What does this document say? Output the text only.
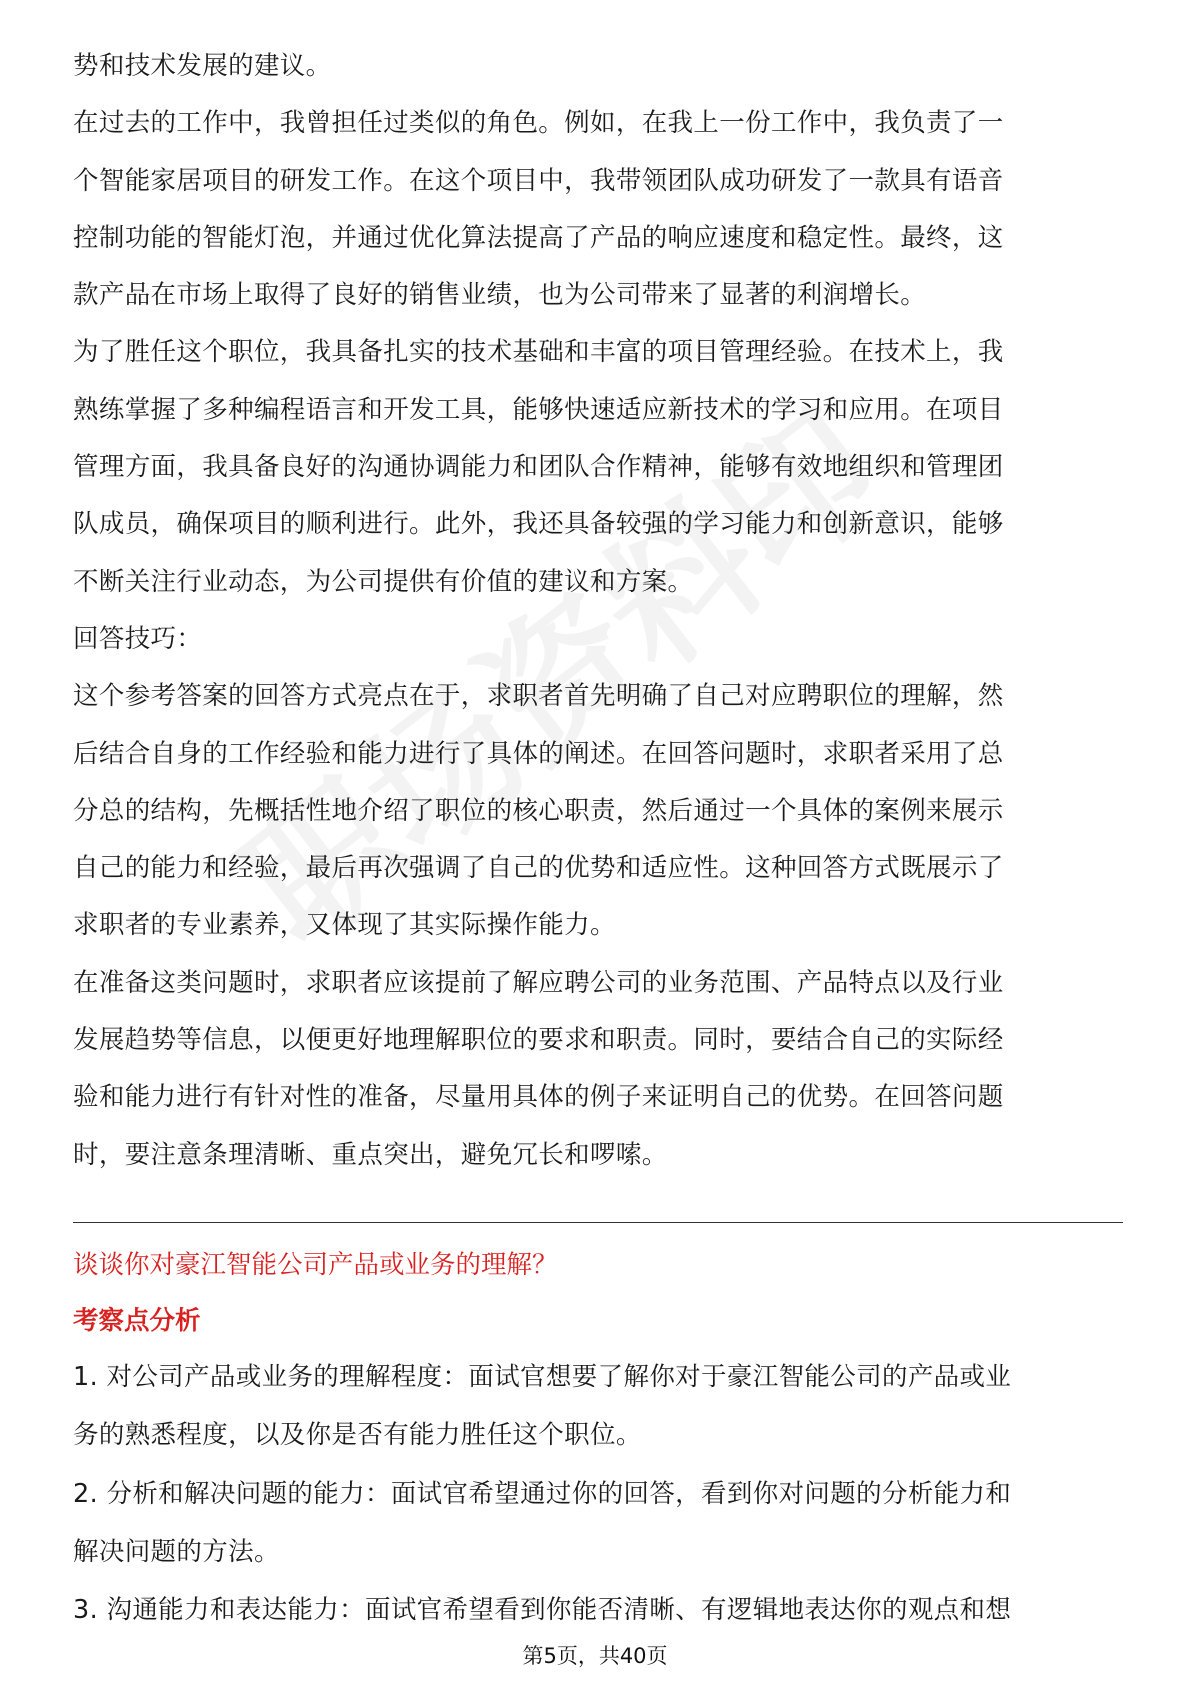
势和技术发展的建议。

在过去的工作中，我曾担任过类似的角色。例如，在我上一份工作中，我负责了一

个智能家居项目的研发工作。在这个项目中，我带领团队成功研发了一款具有语音

控制功能的智能灯泡，并通过优化算法提高了产品的响应速度和稳定性。最终，这

款产品在市场上取得了良好的销售业绩，也为公司带来了显著的利润增长。

为了胜任这个职位，我具备扎实的技术基础和丰富的项目管理经验。在技术上，我

熟练掌握了多种编程语言和开发工具，能够快速适应新技术的学习和应用。在项目

管理方面，我具备良好的沟通协调能力和团队合作精神，能够有效地组织和管理团

队成员，确保项目的顺利进行。此外，我还具备较强的学习能力和创新意识，能够

不断关注行业动态，为公司提供有价值的建议和方案。

回答技巧：

这个参考答案的回答方式亮点在于，求职者首先明确了自己对应聘职位的理解，然

后结合自身的工作经验和能力进行了具体的阐述。在回答问题时，求职者采用了总

分总的结构，先概括性地介绍了职位的核心职责，然后通过一个具体的案例来展示

自己的能力和经验，最后再次强调了自己的优势和适应性。这种回答方式既展示了

求职者的专业素养，又体现了其实际操作能力。

在准备这类问题时，求职者应该提前了解应聘公司的业务范围、产品特点以及行业

发展趋势等信息，以便更好地理解职位的要求和职责。同时，要结合自己的实际经

验和能力进行有针对性的准备，尽量用具体的例子来证明自己的优势。在回答问题

时，要注意条理清晰、重点突出，避免冗长和啰嗦。

谈谈你对豪江智能公司产品或业务的理解？

考察点分析

1. 对公司产品或业务的理解程度：面试官想要了解你对于豪江智能公司的产品或业

务的熟悉程度，以及你是否有能力胜任这个职位。

2. 分析和解决问题的能力：面试官希望通过你的回答，看到你对问题的分析能力和

解决问题的方法。

3. 沟通能力和表达能力：面试官希望看到你能否清晰、有逻辑地表达你的观点和想

第5页，共40页
